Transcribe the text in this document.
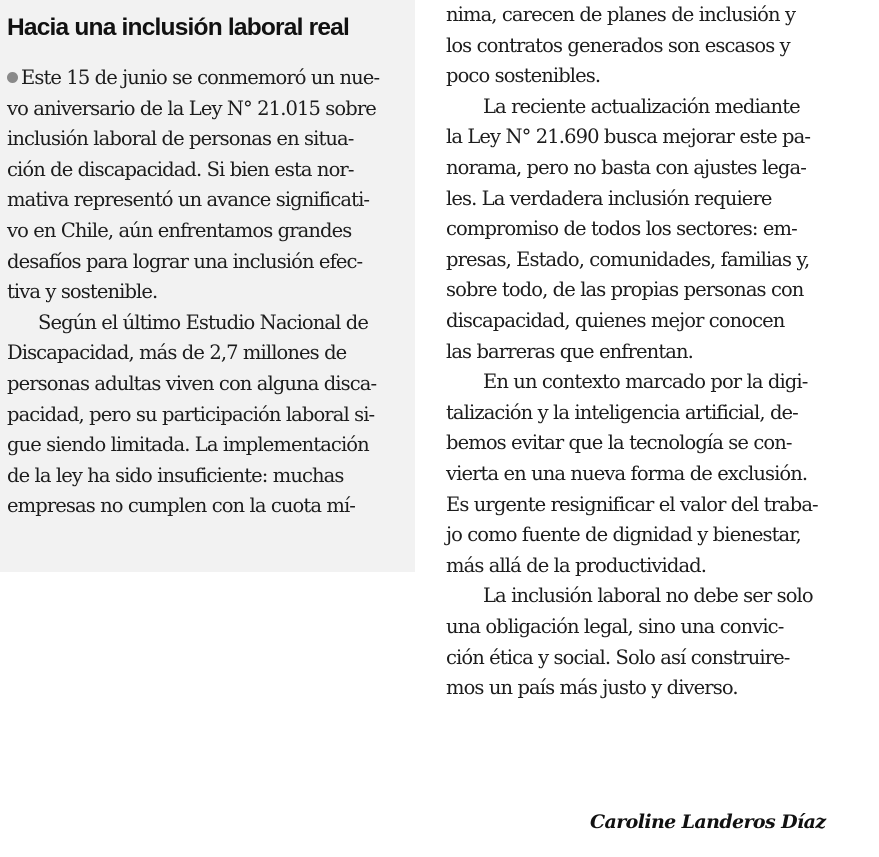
Hacia una inclusión laboral real
Este 15 de junio se conmemoró un nue-
vo aniversario de la Ley N° 21.015 sobre
inclusión laboral de personas en situa-
ción de discapacidad. Si bien esta nor-
mativa representó un avance significati-
vo en Chile, aún enfrentamos grandes
desafíos para lograr una inclusión efec-
tiva y sostenible.
Según el último Estudio Nacional de
Discapacidad, más de 2,7 millones de
personas adultas viven con alguna disca-
pacidad, pero su participación laboral si-
gue siendo limitada. La implementación
de la ley ha sido insuficiente: muchas
empresas no cumplen con la cuota mí-
nima, carecen de planes de inclusión y
los contratos generados son escasos y
poco sostenibles.
La reciente actualización mediante
la Ley N° 21.690 busca mejorar este pa-
norama, pero no basta con ajustes lega-
les. La verdadera inclusión requiere
compromiso de todos los sectores: em-
presas, Estado, comunidades, familias y,
sobre todo, de las propias personas con
discapacidad, quienes mejor conocen
las barreras que enfrentan.
En un contexto marcado por la digi-
talización y la inteligencia artificial, de-
bemos evitar que la tecnología se con-
vierta en una nueva forma de exclusión.
Es urgente resignificar el valor del traba-
jo como fuente de dignidad y bienestar,
más allá de la productividad.
La inclusión laboral no debe ser solo
una obligación legal, sino una convic-
ción ética y social. Solo así construire-
mos un país más justo y diverso.
Caroline Landeros Díaz
